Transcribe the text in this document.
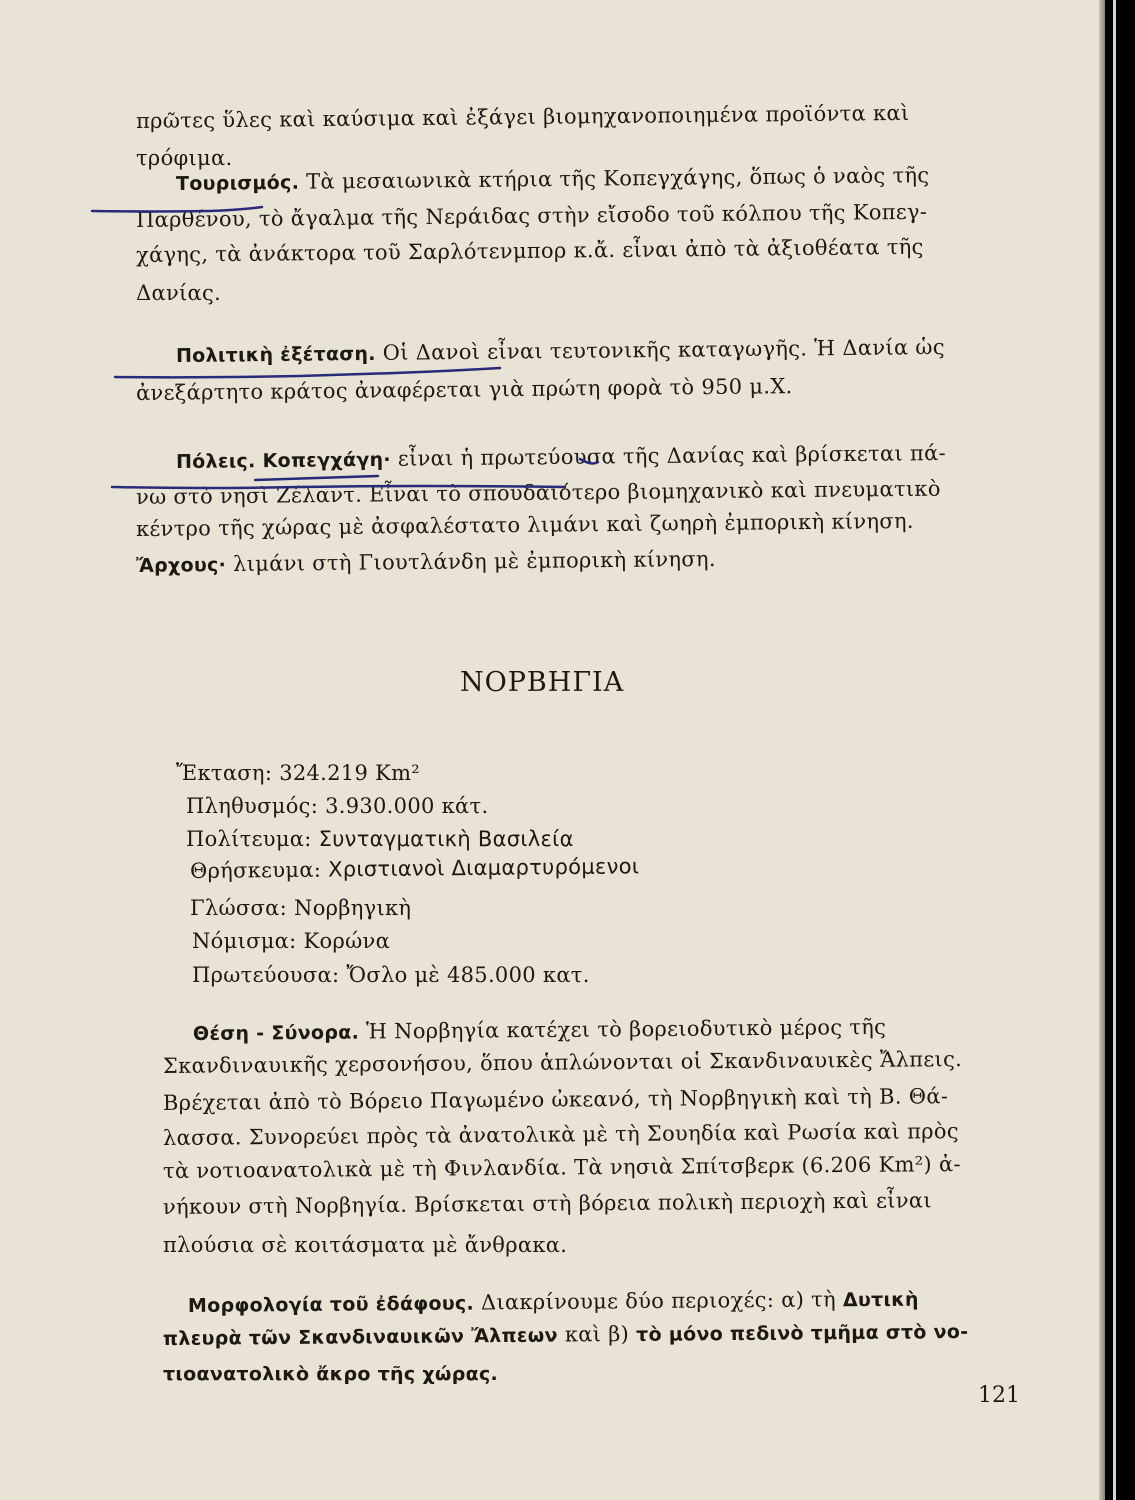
πρῶτες ὕλες καὶ καύσιμα καὶ ἐξάγει βιομηχανοποιημένα προϊόντα καὶ
τρόφιμα.
Τουρισμός. Τὰ μεσαιωνικὰ κτήρια τῆς Κοπεγχάγης, ὅπως ὁ ναὸς τῆς
Παρθένου, τὸ ἄγαλμα τῆς Νεράιδας στὴν εἴσοδο τοῦ κόλπου τῆς Κοπεγ-
χάγης, τὰ ἀνάκτορα τοῦ Σαρλότενμπορ κ.ἄ. εἶναι ἀπὸ τὰ ἀξιοθέατα τῆς
Δανίας.
Πολιτικὴ ἐξέταση. Οἱ Δανοὶ εἶναι τευτονικῆς καταγωγῆς. Ἡ Δανία ὡς
ἀνεξάρτητο κράτος ἀναφέρεται γιὰ πρώτη φορὰ τὸ 950 μ.Χ.
Πόλεις. Κοπεγχάγη· εἶναι ἡ πρωτεύουσα τῆς Δανίας καὶ βρίσκεται πά-
νω στὸ νησὶ Ζέλαντ. Εἶναι τὸ σπουδαιότερο βιομηχανικὸ καὶ πνευματικὸ
κέντρο τῆς χώρας μὲ ἀσφαλέστατο λιμάνι καὶ ζωηρὴ ἐμπορικὴ κίνηση.
Ἄρχους· λιμάνι στὴ Γιουτλάνδη μὲ ἐμπορικὴ κίνηση.
ΝΟΡΒΗΓΙΑ
Ἔκταση: 324.219 Km²
Πληθυσμός: 3.930.000 κάτ.
Πολίτευμα: Συνταγματικὴ Βασιλεία
Θρήσκευμα: Χριστιανοὶ Διαμαρτυρόμενοι
Γλώσσα: Νορβηγικὴ
Νόμισμα: Κορώνα
Πρωτεύουσα: Ὄσλο μὲ 485.000 κατ.
Θέση - Σύνορα. Ἡ Νορβηγία κατέχει τὸ βορειοδυτικὸ μέρος τῆς
Σκανδιναυικῆς χερσονήσου, ὅπου ἁπλώνονται οἱ Σκανδιναυικὲς Ἄλπεις.
Βρέχεται ἀπὸ τὸ Βόρειο Παγωμένο ὠκεανό, τὴ Νορβηγικὴ καὶ τὴ Β. Θά-
λασσα. Συνορεύει πρὸς τὰ ἀνατολικὰ μὲ τὴ Σουηδία καὶ Ρωσία καὶ πρὸς
τὰ νοτιοανατολικὰ μὲ τὴ Φινλανδία. Τὰ νησιὰ Σπίτσβερκ (6.206 Km²) ἀ-
νήκουν στὴ Νορβηγία. Βρίσκεται στὴ βόρεια πολικὴ περιοχὴ καὶ εἶναι
πλούσια σὲ κοιτάσματα μὲ ἄνθρακα.
Μορφολογία τοῦ ἐδάφους. Διακρίνουμε δύο περιοχές: α) τὴ Δυτικὴ
πλευρὰ τῶν Σκανδιναυικῶν Ἄλπεων καὶ β) τὸ μόνο πεδινὸ τμῆμα στὸ νο-
τιοανατολικὸ ἄκρο τῆς χώρας.
121
